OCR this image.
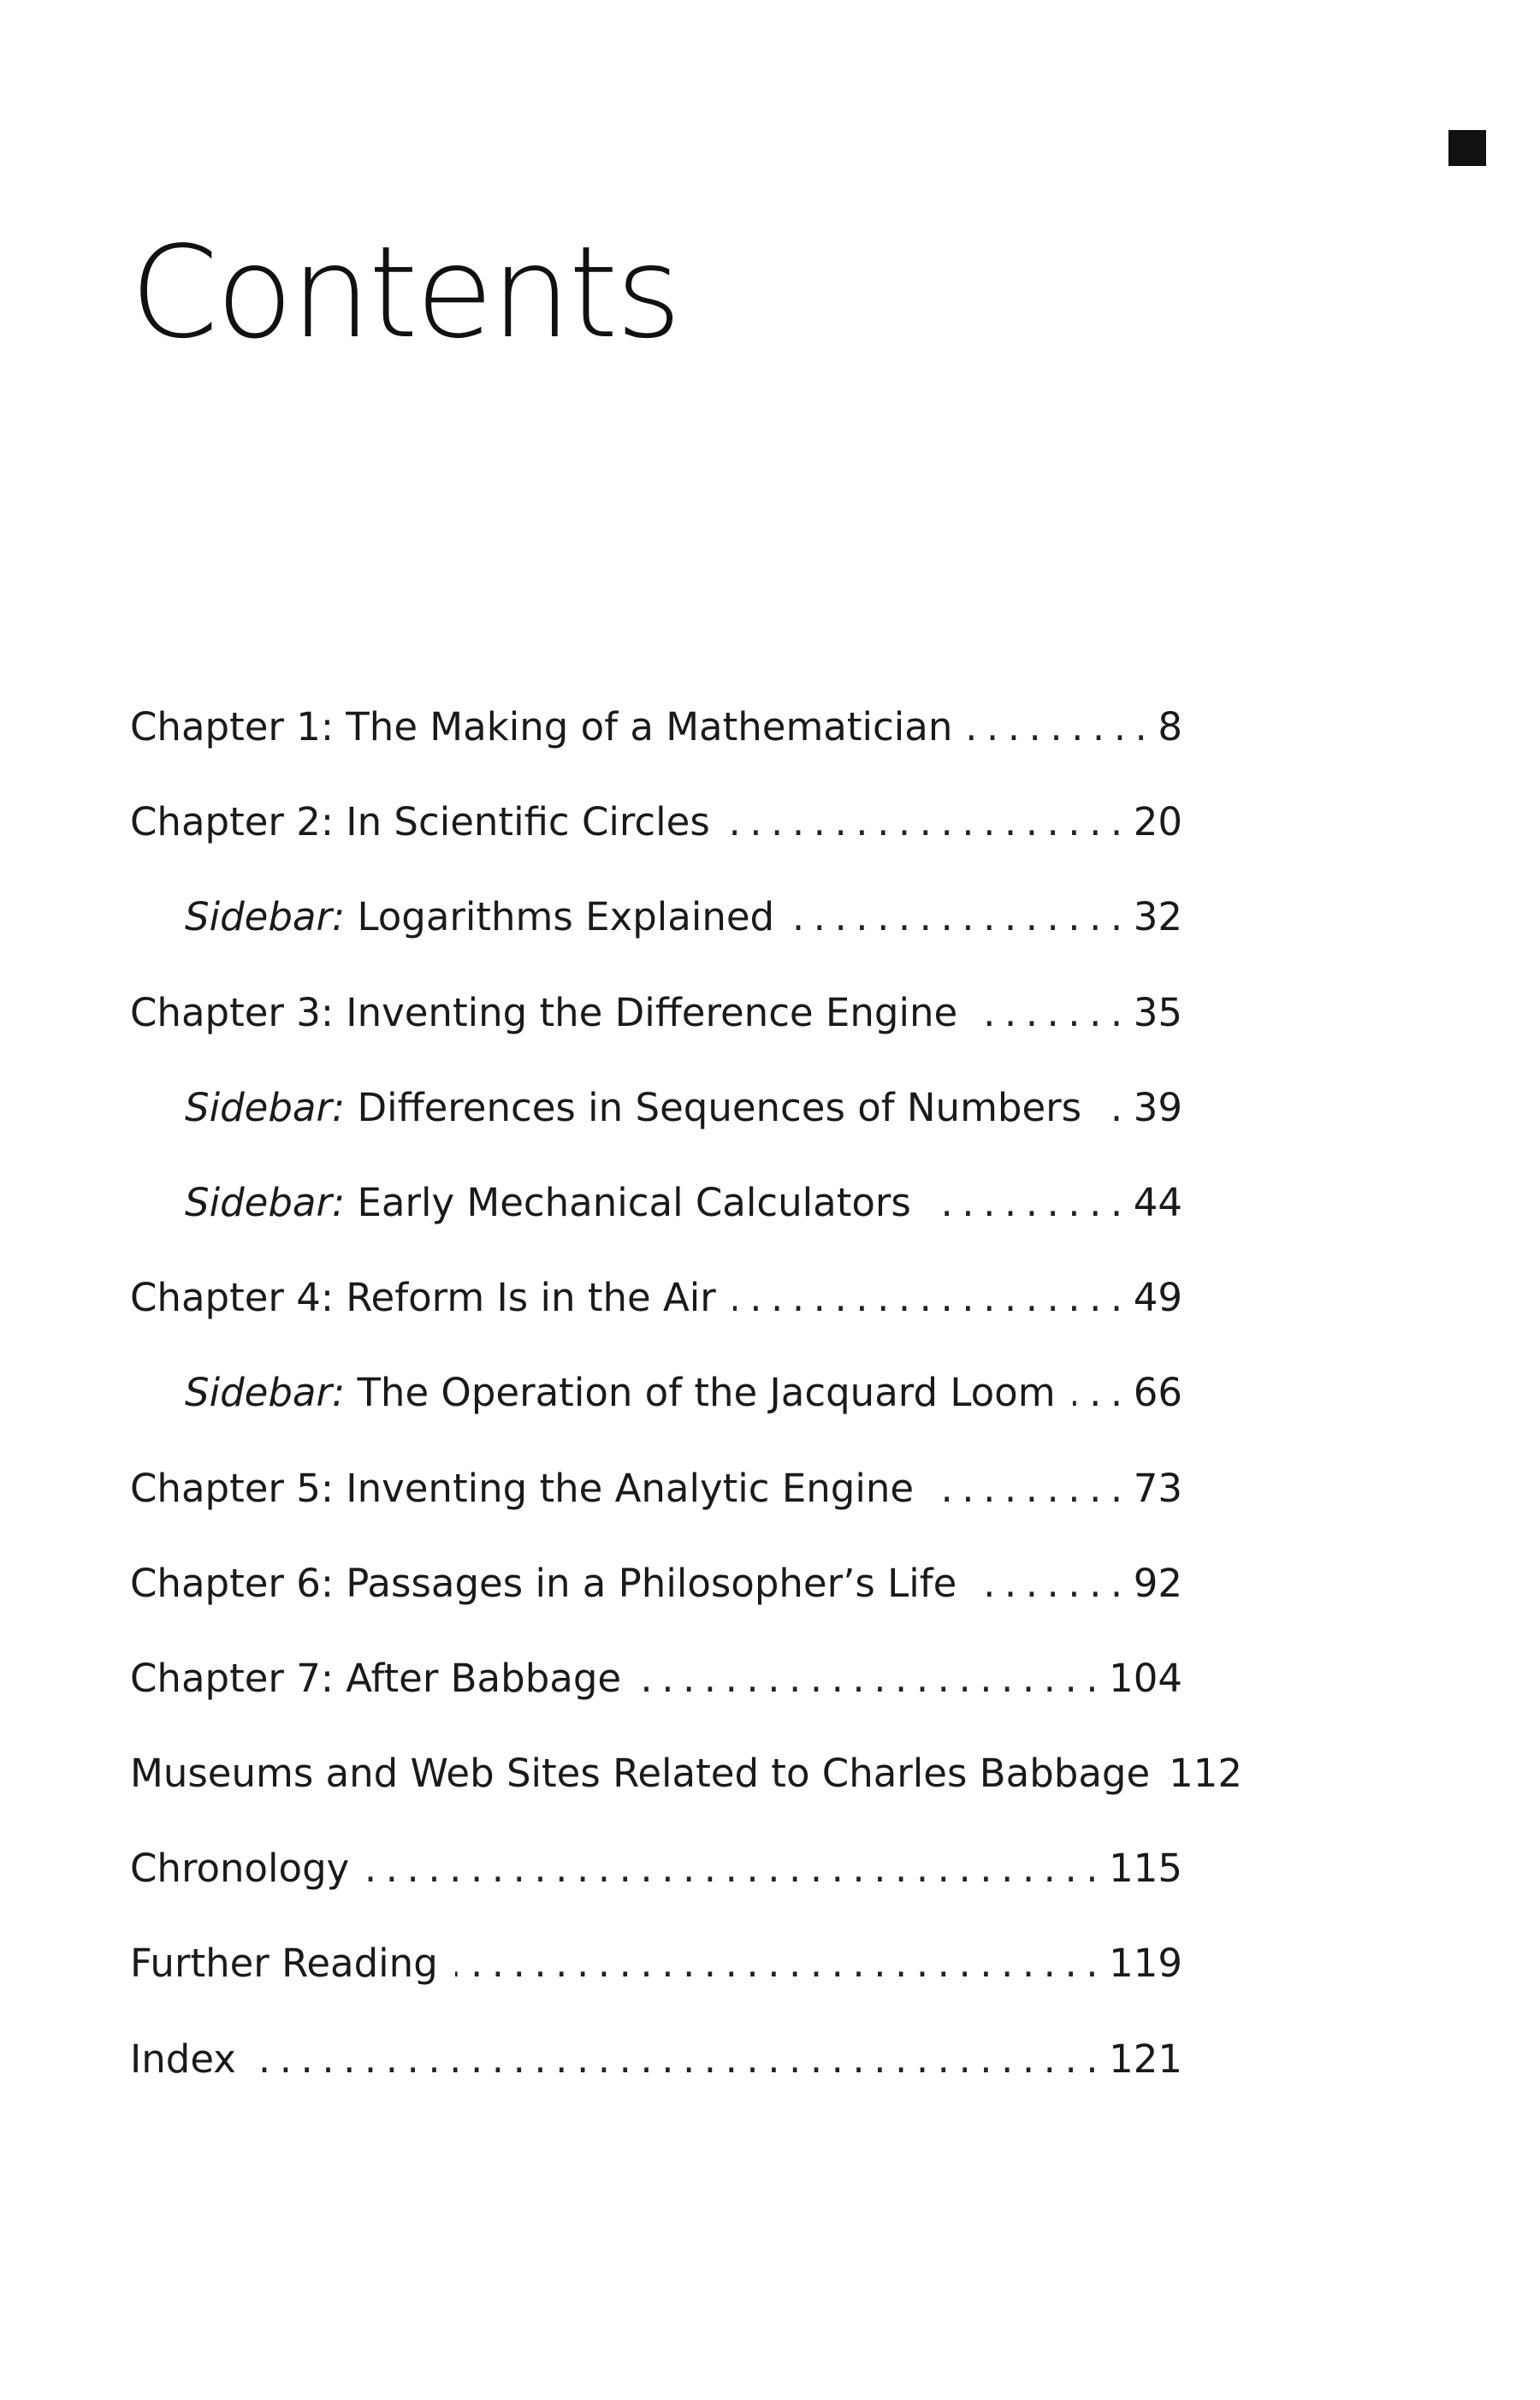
Contents
Chapter 1: The Making of a Mathematician .....	8
Chapter 2: In Scientific Circles .....	20
Sidebar: Logarithms Explained .....	32
Chapter 3: Inventing the Difference Engine .....	35
Sidebar: Differences in Sequences of Numbers .....	39
Sidebar: Early Mechanical Calculators .....	44
Chapter 4: Reform Is in the Air .....	49
Sidebar: The Operation of the Jacquard Loom .....	66
Chapter 5: Inventing the Analytic Engine .....	73
Chapter 6: Passages in a Philosopher’s Life .....	92
Chapter 7: After Babbage .....	104
Museums and Web Sites Related to Charles Babbage 112
Chronology .....	115
Further Reading .....	119
Index .....	121
